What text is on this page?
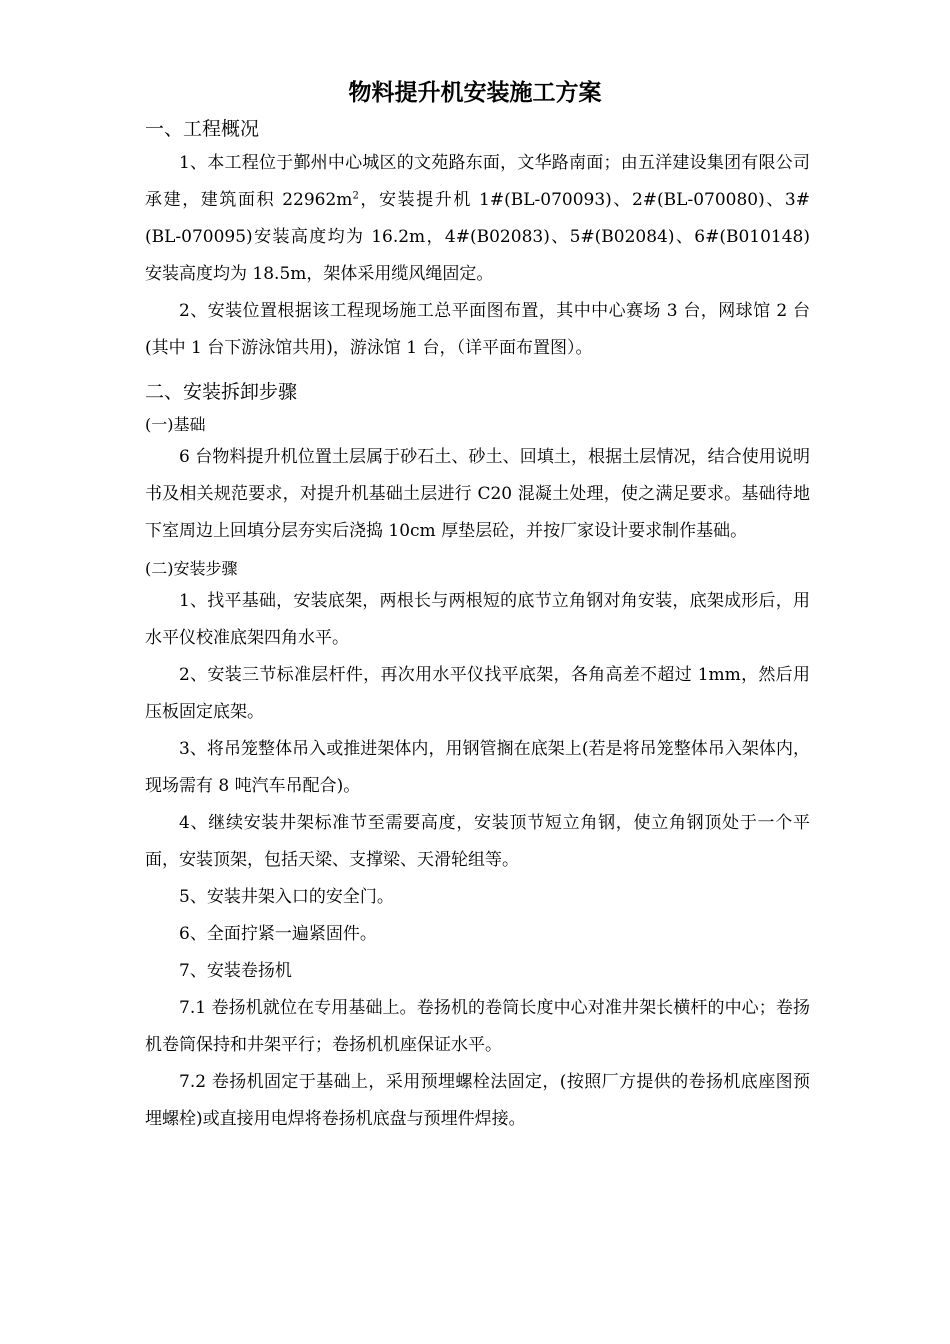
物料提升机安装施工方案
一、工程概况

1、本工程位于鄞州中心城区的文苑路东面，文华路南面；由五洋建设集团有限公司承建，建筑面积 $22962m^2$，安装提升机 1#(BL-070093)、2#(BL-070080)、3#(BL-070095)安装高度均为 16.2m，4#(B02083)、5#(B02084)、6#(B010148) 安装高度均为 18.5m，架体采用缆风绳固定。

2、安装位置根据该工程现场施工总平面图布置，其中中心赛场 3 台，网球馆 2 台(其中 1 台下游泳馆共用)，游泳馆 1 台，（详平面布置图）。

二、安装拆卸步骤
(一)基础

6 台物料提升机位置土层属于砂石土、砂土、回填土，根据土层情况，结合使用说明书及相关规范要求，对提升机基础土层进行 C20 混凝土处理，使之满足要求。基础待地下室周边上回填分层夯实后浇捣 10cm 厚垫层砼，并按厂家设计要求制作基础。

(二)安装步骤

1、找平基础，安装底架，两根长与两根短的底节立角钢对角安装，底架成形后，用水平仪校准底架四角水平。

2、安装三节标准层杆件，再次用水平仪找平底架，各角高差不超过 1mm，然后用压板固定底架。

3、将吊笼整体吊入或推进架体内，用钢管搁在底架上(若是将吊笼整体吊入架体内，现场需有 8 吨汽车吊配合)。

4、继续安装井架标准节至需要高度，安装顶节短立角钢，使立角钢顶处于一个平面，安装顶架，包括天梁、支撑梁、天滑轮组等。

5、安装井架入口的安全门。

6、全面拧紧一遍紧固件。

7、安装卷扬机

7.1 卷扬机就位在专用基础上。卷扬机的卷筒长度中心对准井架长横杆的中心；卷扬机卷筒保持和井架平行；卷扬机机座保证水平。

7.2 卷扬机固定于基础上，采用预埋螺栓法固定，(按照厂方提供的卷扬机底座图预埋螺栓)或直接用电焊将卷扬机底盘与预埋件焊接。
